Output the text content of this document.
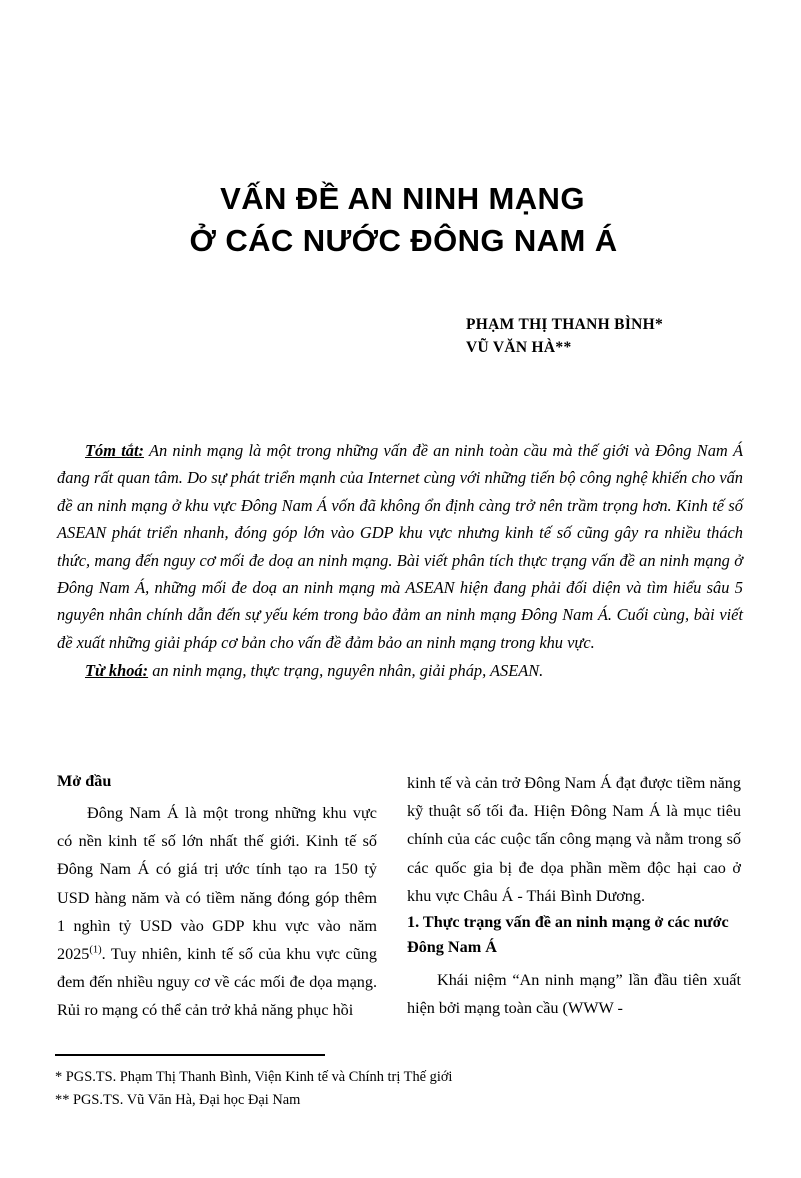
VẤN ĐỀ AN NINH MẠNG
Ở CÁC NƯỚC ĐÔNG NAM Á
PHẠM THỊ THANH BÌNH*
VŨ VĂN HÀ**

Tóm tắt: An ninh mạng là một trong những vấn đề an ninh toàn cầu mà thế giới và Đông Nam Á đang rất quan tâm. Do sự phát triển mạnh của Internet cùng với những tiến bộ công nghệ khiến cho vấn đề an ninh mạng ở khu vực Đông Nam Á vốn đã không ổn định càng trở nên trầm trọng hơn. Kinh tế số ASEAN phát triển nhanh, đóng góp lớn vào GDP khu vực nhưng kinh tế số cũng gây ra nhiều thách thức, mang đến nguy cơ mối đe doạ an ninh mạng. Bài viết phân tích thực trạng vấn đề an ninh mạng ở Đông Nam Á, những mối đe doạ an ninh mạng mà ASEAN hiện đang phải đối diện và tìm hiểu sâu 5 nguyên nhân chính dẫn đến sự yếu kém trong bảo đảm an ninh mạng Đông Nam Á. Cuối cùng, bài viết đề xuất những giải pháp cơ bản cho vấn đề đảm bảo an ninh mạng trong khu vực.

Từ khoá: an ninh mạng, thực trạng, nguyên nhân, giải pháp, ASEAN.

Mở đầu

Đông Nam Á là một trong những khu vực có nền kinh tế số lớn nhất thế giới. Kinh tế số Đông Nam Á có giá trị ước tính tạo ra 150 tỷ USD hàng năm và có tiềm năng đóng góp thêm 1 nghìn tỷ USD vào GDP khu vực vào năm 2025$^{(1)}$. Tuy nhiên, kinh tế số của khu vực cũng đem đến nhiều nguy cơ về các mối đe dọa mạng. Rủi ro mạng có thể cản trở khả năng phục hồi

kinh tế và cản trở Đông Nam Á đạt được tiềm năng kỹ thuật số tối đa. Hiện Đông Nam Á là mục tiêu chính của các cuộc tấn công mạng và nằm trong số các quốc gia bị đe dọa phần mềm độc hại cao ở khu vực Châu Á - Thái Bình Dương.

1. Thực trạng vấn đề an ninh mạng ở các nước Đông Nam Á

Khái niệm “An ninh mạng” lần đầu tiên xuất hiện bởi mạng toàn cầu (WWW -

* PGS.TS. Phạm Thị Thanh Bình, Viện Kinh tế và Chính trị Thế giới
** PGS.TS. Vũ Văn Hà, Đại học Đại Nam
